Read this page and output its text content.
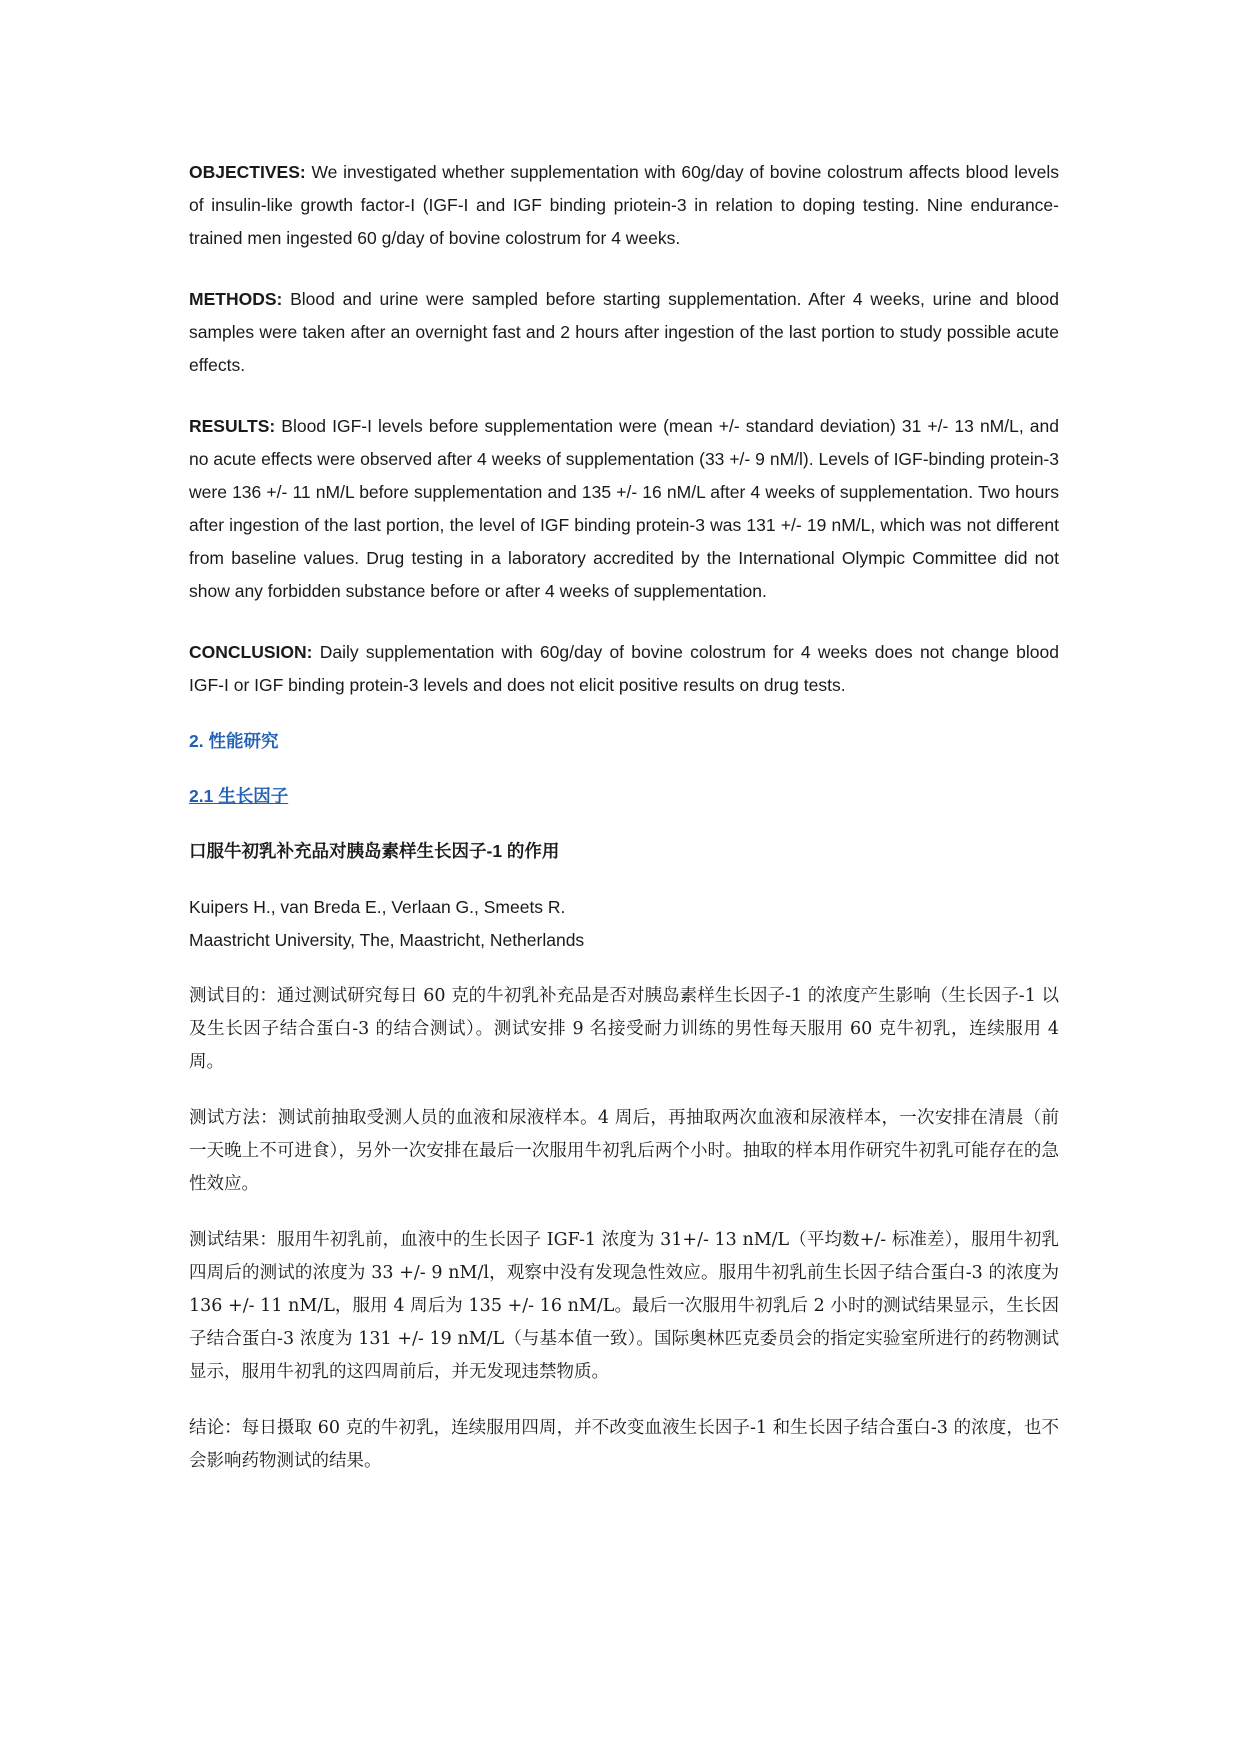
OBJECTIVES: We investigated whether supplementation with 60g/day of bovine colostrum affects blood levels of insulin-like growth factor-I (IGF-I and IGF binding priotein-3 in relation to doping testing. Nine endurance-trained men ingested 60 g/day of bovine colostrum for 4 weeks.

METHODS: Blood and urine were sampled before starting supplementation. After 4 weeks, urine and blood samples were taken after an overnight fast and 2 hours after ingestion of the last portion to study possible acute effects.

RESULTS: Blood IGF-I levels before supplementation were (mean +/- standard deviation) 31 +/- 13 nM/L, and no acute effects were observed after 4 weeks of supplementation (33 +/- 9 nM/l). Levels of IGF-binding protein-3 were 136 +/- 11 nM/L before supplementation and 135 +/- 16 nM/L after 4 weeks of supplementation. Two hours after ingestion of the last portion, the level of IGF binding protein-3 was 131 +/- 19 nM/L, which was not different from baseline values. Drug testing in a laboratory accredited by the International Olympic Committee did not show any forbidden substance before or after 4 weeks of supplementation.

CONCLUSION: Daily supplementation with 60g/day of bovine colostrum for 4 weeks does not change blood IGF-I or IGF binding protein-3 levels and does not elicit positive results on drug tests.

2. 性能研究

2.1 生长因子

口服牛初乳补充品对胰岛素样生长因子-1 的作用

Kuipers H., van Breda E., Verlaan G., Smeets R.

Maastricht University, The, Maastricht, Netherlands

测试目的：通过测试研究每日 60 克的牛初乳补充品是否对胰岛素样生长因子-1 的浓度产生影响（生长因子-1 以及生长因子结合蛋白-3 的结合测试）。测试安排 9 名接受耐力训练的男性每天服用 60 克牛初乳，连续服用 4 周。

测试方法：测试前抽取受测人员的血液和尿液样本。4 周后，再抽取两次血液和尿液样本，一次安排在清晨（前一天晚上不可进食），另外一次安排在最后一次服用牛初乳后两个小时。抽取的样本用作研究牛初乳可能存在的急性效应。

测试结果：服用牛初乳前，血液中的生长因子 IGF-1 浓度为 31+/- 13 nM/L（平均数+/- 标准差），服用牛初乳四周后的测试的浓度为 33 +/- 9 nM/l，观察中没有发现急性效应。服用牛初乳前生长因子结合蛋白-3 的浓度为 136 +/- 11 nM/L，服用 4 周后为 135 +/- 16 nM/L。最后一次服用牛初乳后 2 小时的测试结果显示，生长因子结合蛋白-3 浓度为 131 +/- 19 nM/L（与基本值一致）。国际奥林匹克委员会的指定实验室所进行的药物测试显示，服用牛初乳的这四周前后，并无发现违禁物质。

结论：每日摄取 60 克的牛初乳，连续服用四周，并不改变血液生长因子-1 和生长因子结合蛋白-3 的浓度，也不会影响药物测试的结果。
